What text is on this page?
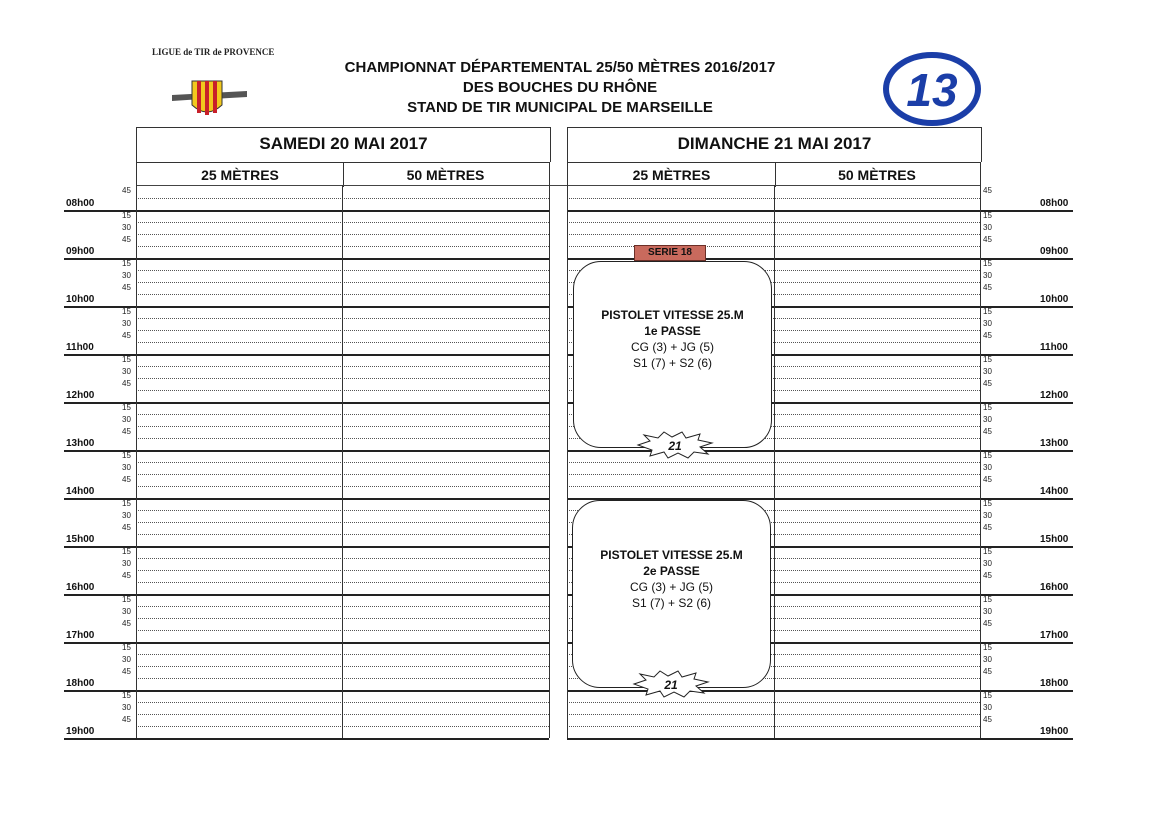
CHAMPIONNAT DÉPARTEMENTAL 25/50 MÈTRES 2016/2017
DES BOUCHES DU RHÔNE
STAND DE TIR MUNICIPAL DE MARSEILLE
LIGUE de TIR de PROVENCE
13
SAMEDI 20 MAI 2017	DIMANCHE 21 MAI 2017
25 MÈTRES	50 MÈTRES	25 MÈTRES	50 MÈTRES
45	45
08h00	08h00
15	15
30	30
45	45
09h00	09h00
15	15
30	30
45	45
10h00	10h00
15	15
30	30
45	45
11h00	11h00
15	15
30	30
45	45
12h00	12h00
15	15
30	30
45	45
13h00	13h00
15	15
30	30
45	45
14h00	14h00
15	15
30	30
45	45
15h00	15h00
15	15
30	30
45	45
16h00	16h00
15	15
30	30
45	45
17h00	17h00
15	15
30	30
45	45
18h00	18h00
15	15
30	30
45	45
19h00	19h00
SERIE 18
PISTOLET VITESSE 25.M
1e PASSE
CG (3) + JG (5)
S1 (7) + S2 (6)
21
PISTOLET VITESSE 25.M
2e PASSE
CG (3) + JG (5)
S1 (7) + S2 (6)
21
